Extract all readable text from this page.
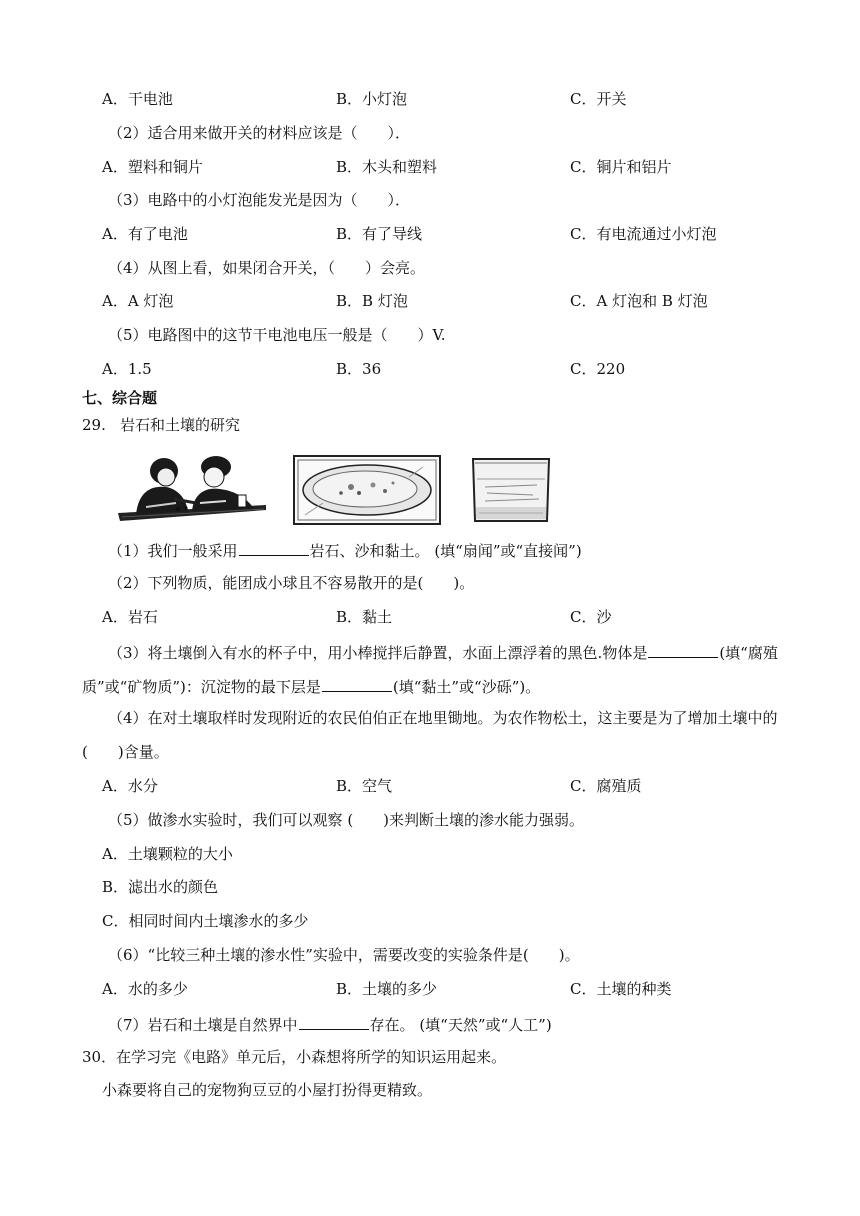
A．干电池	B．小灯泡	C．开关
（2）适合用来做开关的材料应该是（　　）．
A．塑料和铜片	B．木头和塑料	C．铜片和铝片
（3）电路中的小灯泡能发光是因为（　　）．
A．有了电池	B．有了导线	C．有电流通过小灯泡
（4）从图上看，如果闭合开关，（　　）会亮。
A．A 灯泡	B．B 灯泡	C．A 灯泡和 B 灯泡
（5）电路图中的这节干电池电压一般是（　　）V.
A．1.5	B．36	C．220
七、综合题
29. 岩石和土壤的研究
（1）我们一般采用	岩石、沙和黏土。 (填“扇闻”或“直接闻”)
（2）下列物质，能团成小球且不容易散开的是(　　)。
A．岩石	B．黏土	C．沙
（3）将土壤倒入有水的杯子中，用小棒搅拌后静置，水面上漂浮着的黑色.物体是	(填“腐殖
质”或“矿物质”)：沉淀物的最下层是	(填“黏土”或“沙砾”)。
（4）在对土壤取样时发现附近的农民伯伯正在地里锄地。为农作物松土，这主要是为了增加土壤中的
(　　)含量。
A．水分	B．空气	C．腐殖质
（5）做渗水实验时，我们可以观察 (　　)来判断土壤的渗水能力强弱。
A．土壤颗粒的大小
B．滤出水的颜色
C．相同时间内土壤渗水的多少
（6）“比较三种土壤的渗水性”实验中，需要改变的实验条件是(　　)。
A．水的多少	B．土壤的多少	C．土壤的种类
（7）岩石和土壤是自然界中	存在。 (填“天然”或“人工”)
30．在学习完《电路》单元后，小森想将所学的知识运用起来。
小森要将自己的宠物狗豆豆的小屋打扮得更精致。
